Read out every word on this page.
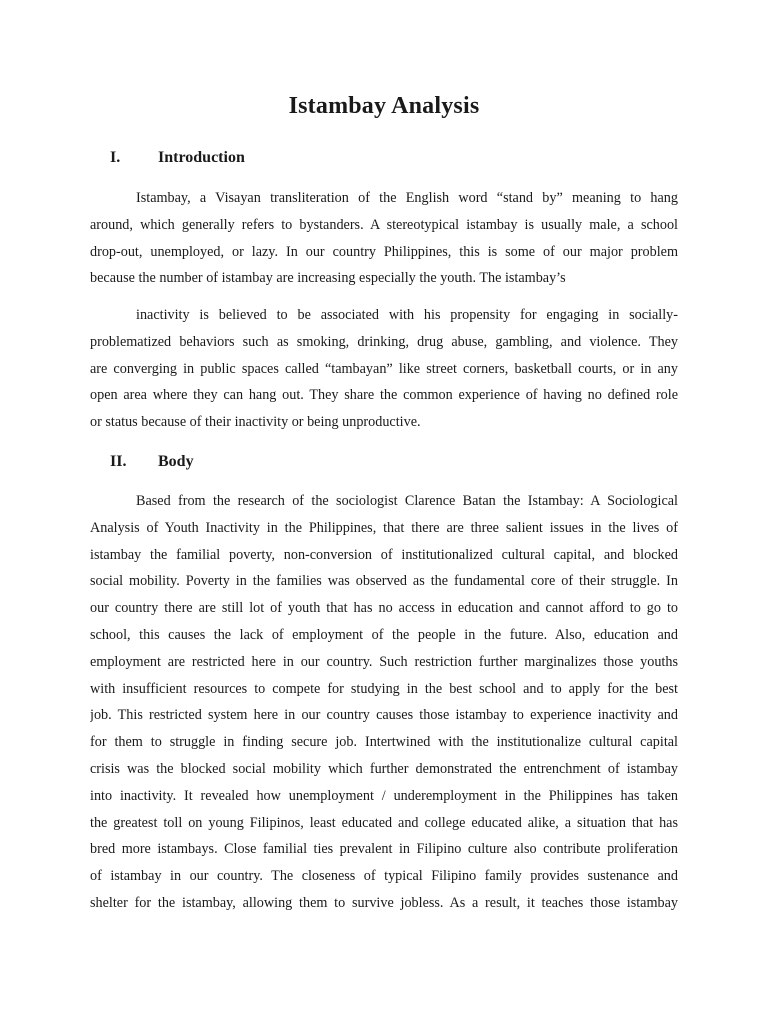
Istambay Analysis
I. Introduction
Istambay, a Visayan transliteration of the English word “stand by” meaning to hang
around, which generally refers to bystanders. A stereotypical istambay is usually male, a school
drop-out, unemployed, or lazy. In our country Philippines, this is some of our major problem
because the number of istambay are increasing especially the youth. The istambay’s
inactivity is believed to be associated with his propensity for engaging in socially-
problematized behaviors such as smoking, drinking, drug abuse, gambling, and violence. They
are converging in public spaces called “tambayan” like street corners, basketball courts, or in any
open area where they can hang out. They share the common experience of having no defined role
or status because of their inactivity or being unproductive.
II. Body
Based from the research of the sociologist Clarence Batan the Istambay: A Sociological
Analysis of Youth Inactivity in the Philippines, that there are three salient issues in the lives of
istambay the familial poverty, non-conversion of institutionalized cultural capital, and blocked
social mobility. Poverty in the families was observed as the fundamental core of their struggle. In
our country there are still lot of youth that has no access in education and cannot afford to go to
school, this causes the lack of employment of the people in the future. Also, education and
employment are restricted here in our country. Such restriction further marginalizes those youths
with insufficient resources to compete for studying in the best school and to apply for the best
job. This restricted system here in our country causes those istambay to experience inactivity and
for them to struggle in finding secure job. Intertwined with the institutionalize cultural capital
crisis was the blocked social mobility which further demonstrated the entrenchment of istambay
into inactivity. It revealed how unemployment / underemployment in the Philippines has taken
the greatest toll on young Filipinos, least educated and college educated alike, a situation that has
bred more istambays. Close familial ties prevalent in Filipino culture also contribute proliferation
of istambay in our country. The closeness of typical Filipino family provides sustenance and
shelter for the istambay, allowing them to survive jobless. As a result, it teaches those istambay
